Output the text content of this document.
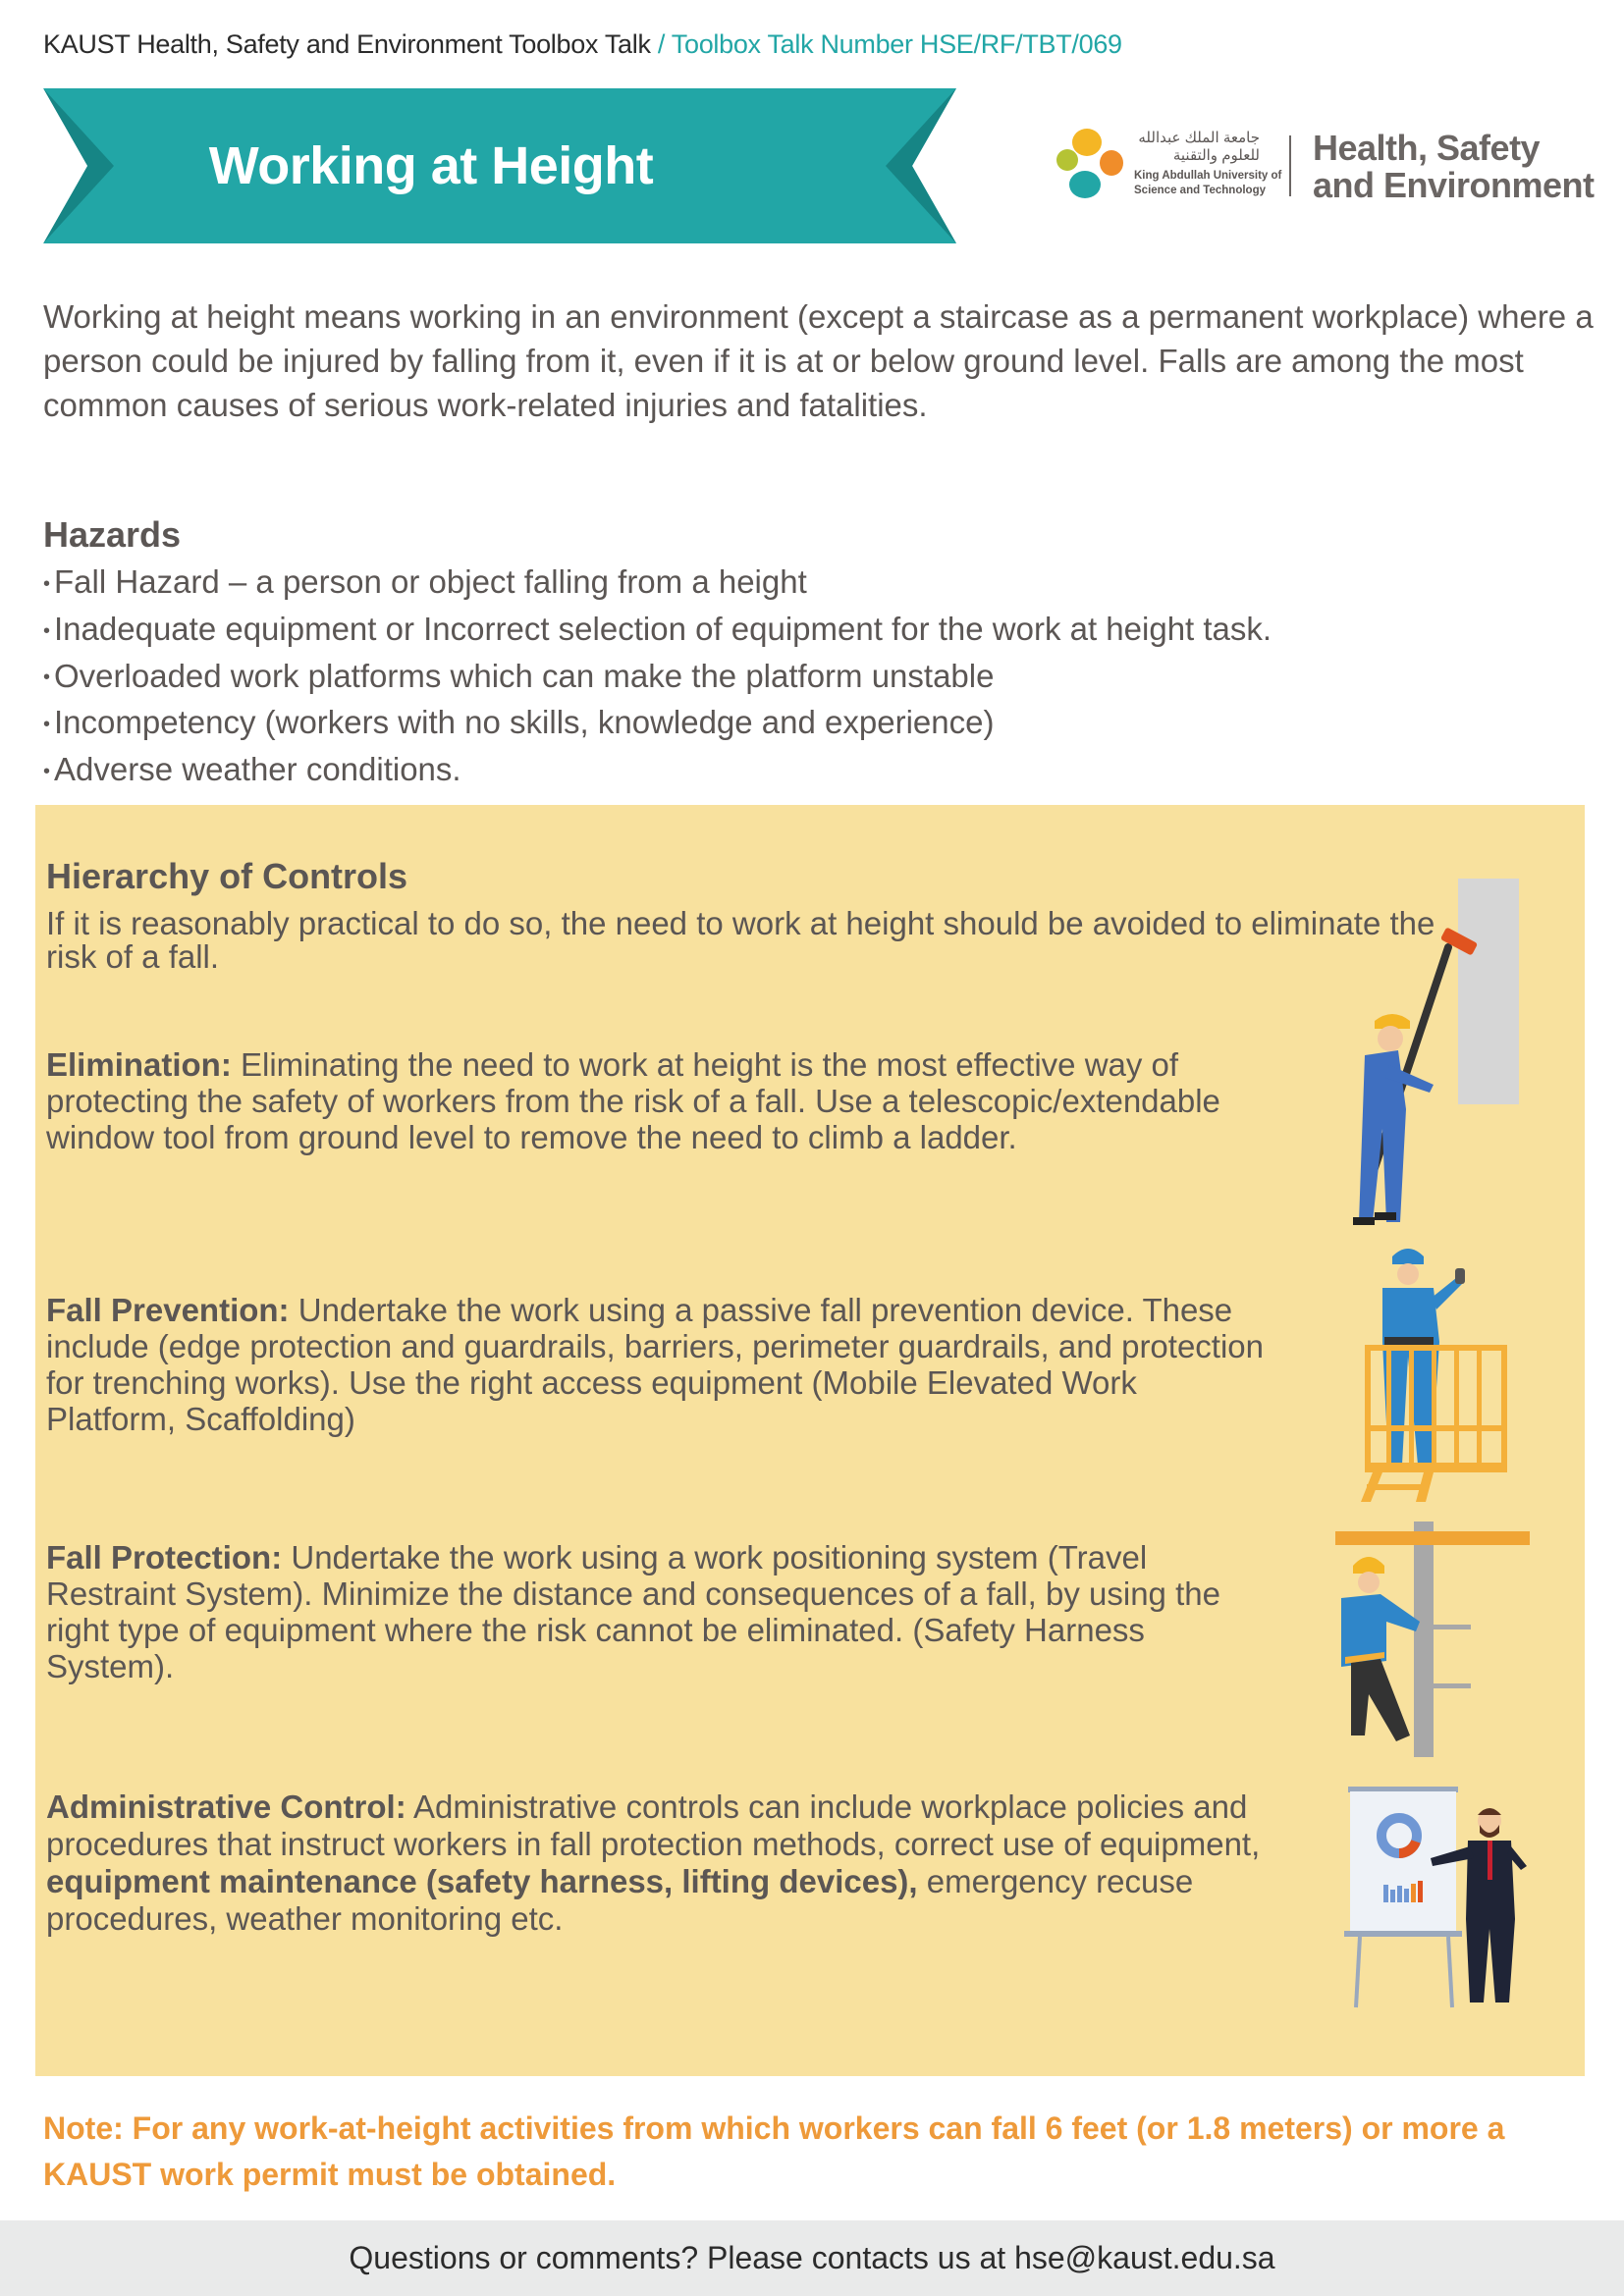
KAUST Health, Safety and Environment Toolbox Talk / Toolbox Talk Number HSE/RF/TBT/069
Working at Height	جامعة الملك عبدالله
للعلوم والتقنية
King Abdullah University of
Science and Technology
Health, Safety
and Environment

Working at height means working in an environment (except a staircase as a permanent workplace) where a person could be injured by falling from it, even if it is at or below ground level. Falls are among the most common causes of serious work-related injuries and fatalities.

Hazards
• Fall Hazard – a person or object falling from a height
• Inadequate equipment or Incorrect selection of equipment for the work at height task.
• Overloaded work platforms which can make the platform unstable
• Incompetency (workers with no skills, knowledge and experience)
• Adverse weather conditions.
Hierarchy of Controls

If it is reasonably practical to do so, the need to work at height should be avoided to eliminate the risk of a fall.

Elimination: Eliminating the need to work at height is the most effective way of protecting the safety of workers from the risk of a fall. Use a telescopic/extendable window tool from ground level to remove the need to climb a ladder.

Fall Prevention: Undertake the work using a passive fall prevention device. These include (edge protection and guardrails, barriers, perimeter guardrails, and protection for trenching works). Use the right access equipment (Mobile Elevated Work Platform, Scaffolding)

Fall Protection: Undertake the work using a work positioning system (Travel Restraint System). Minimize the distance and consequences of a fall, by using the right type of equipment where the risk cannot be eliminated. (Safety Harness System).

Administrative Control: Administrative controls can include workplace policies and procedures that instruct workers in fall protection methods, correct use of equipment, equipment maintenance (safety harness, lifting devices), emergency recuse procedures, weather monitoring etc.

Note: For any work-at-height activities from which workers can fall 6 feet (or 1.8 meters) or more a KAUST work permit must be obtained.

Questions or comments? Please contacts us at hse@kaust.edu.sa
